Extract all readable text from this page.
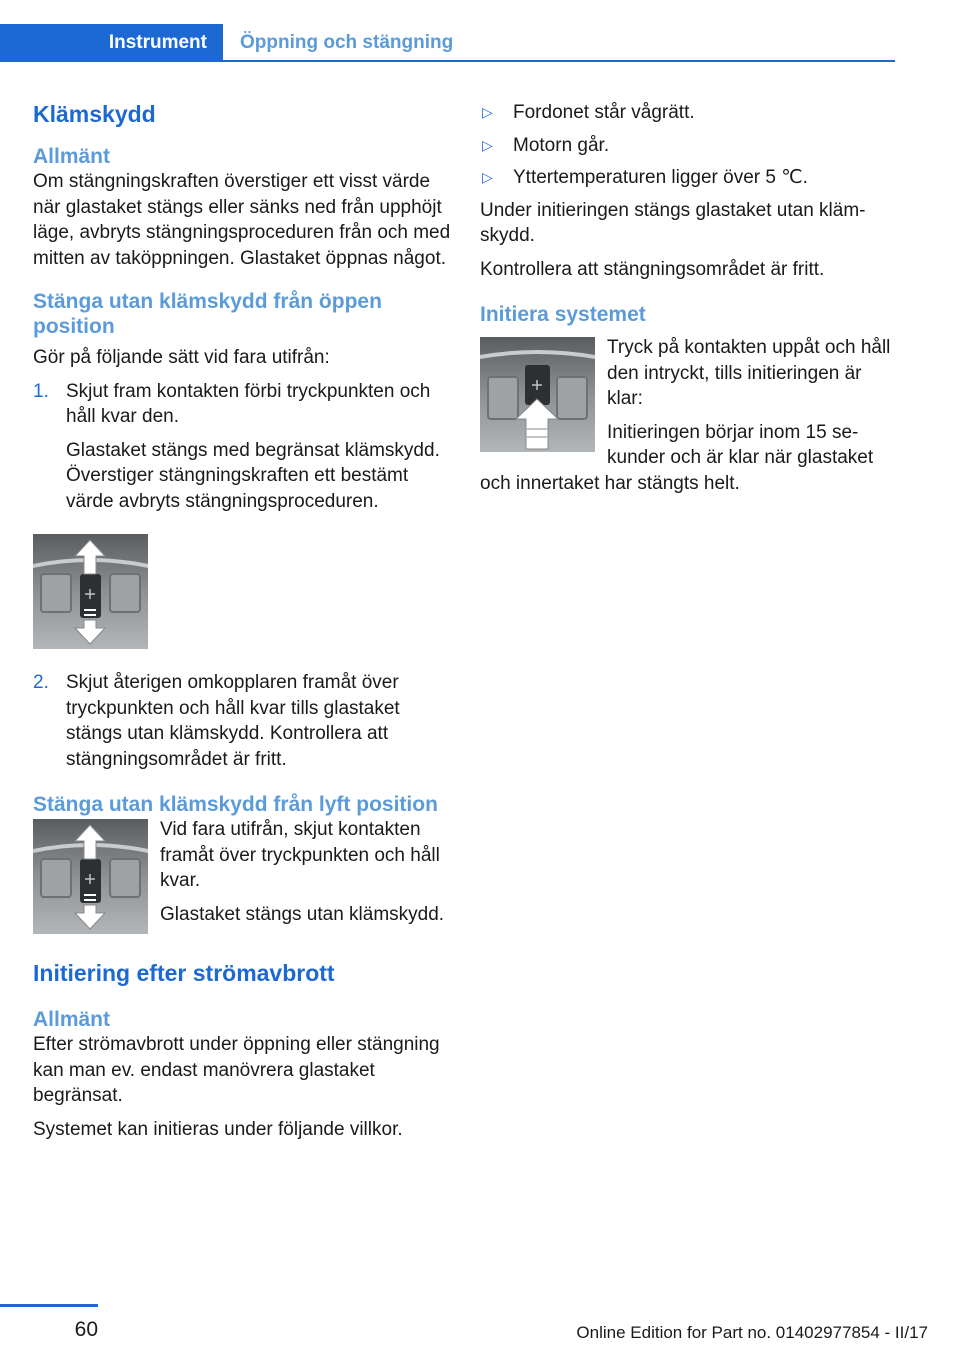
Instrument	Öppning och stängning
Klämskydd
Allmänt

Om stängningskraften överstiger ett visst värde när glastaket stängs eller sänks ned från upphöjt läge, avbryts stängningsproceduren från och med mitten av taköppningen. Glastaket öppnas något.

Stänga utan klämskydd från öppen position

Gör på följande sätt vid fara utifrån:

1. Skjut fram kontakten förbi tryckpunkten och håll kvar den.

Glastaket stängs med begränsat klämskydd. Överstiger stängningskraften ett bestämt värde avbryts stängningsproceduren.

2. Skjut återigen omkopplaren framåt över tryckpunkten och håll kvar tills glastaket stängs utan klämskydd. Kontrollera att stängningsområdet är fritt.
Stänga utan klämskydd från lyft position

Vid fara utifrån, skjut kontakten framåt över tryckpunkten och håll kvar.

Glastaket stängs utan klämskydd.

Initiering efter strömavbrott
Allmänt

Efter strömavbrott under öppning eller stängning kan man ev. endast manövrera glastaket begränsat.

Systemet kan initieras under följande villkor.

▷ Fordonet står vågrätt.
▷ Motorn går.
▷ Yttertemperaturen ligger över 5 ℃.

Under initieringen stängs glastaket utan klämskydd.

Kontrollera att stängningsområdet är fritt.

Initiera systemet

Tryck på kontakten uppåt och håll den intryckt, tills initieringen är klar:

Initieringen börjar inom 15 sekunder och är klar när glastaket och innertaket har stängts helt.

60	Online Edition for Part no. 01402977854 - II/17
